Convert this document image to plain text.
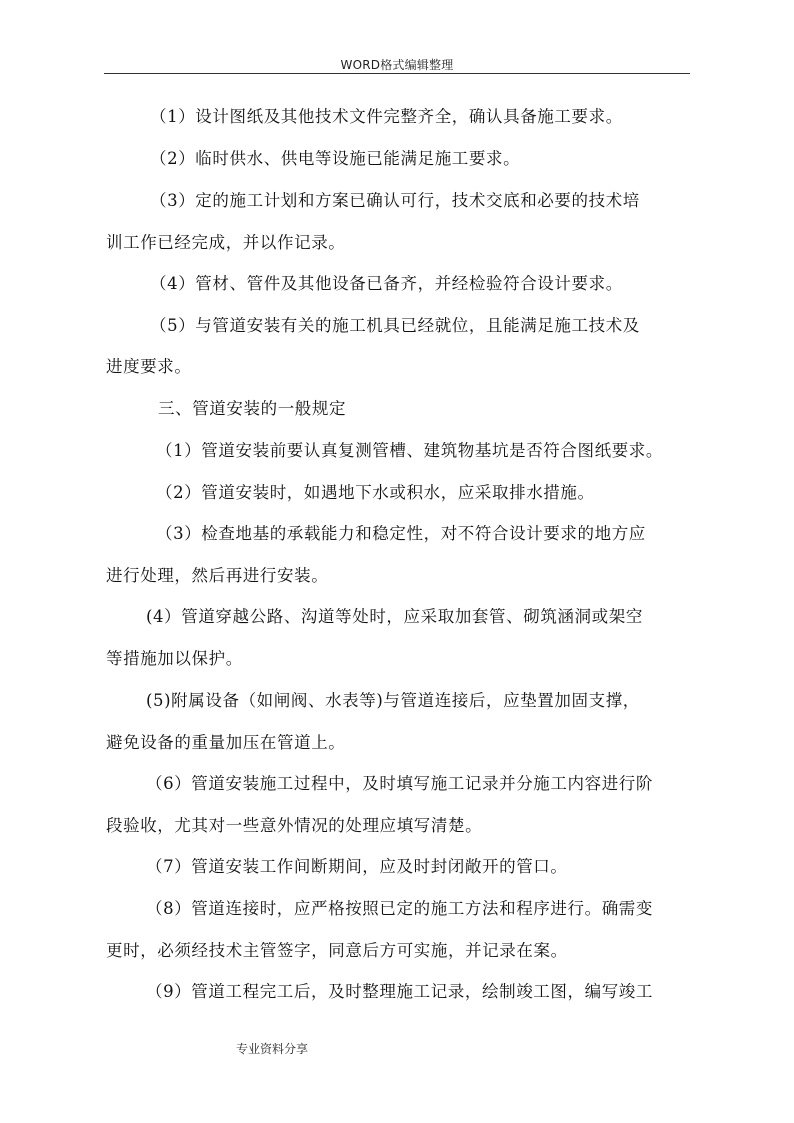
WORD格式编辑整理
（1）设计图纸及其他技术文件完整齐全，确认具备施工要求。
（2）临时供水、供电等设施已能满足施工要求。
（3）定的施工计划和方案已确认可行，技术交底和必要的技术培
训工作已经完成，并以作记录。
（4）管材、管件及其他设备已备齐，并经检验符合设计要求。
（5）与管道安装有关的施工机具已经就位，且能满足施工技术及
进度要求。
三、管道安装的一般规定
（1）管道安装前要认真复测管槽、建筑物基坑是否符合图纸要求。
（2）管道安装时，如遇地下水或积水，应采取排水措施。
（3）检查地基的承载能力和稳定性，对不符合设计要求的地方应
进行处理，然后再进行安装。
(4）管道穿越公路、沟道等处时，应采取加套管、砌筑涵洞或架空
等措施加以保护。
(5)附属设备（如闸阀、水表等)与管道连接后，应垫置加固支撑，
避免设备的重量加压在管道上。
（6）管道安装施工过程中，及时填写施工记录并分施工内容进行阶
段验收，尤其对一些意外情况的处理应填写清楚。
（7）管道安装工作间断期间，应及时封闭敞开的管口。
（8）管道连接时，应严格按照已定的施工方法和程序进行。确需变
更时，必须经技术主管签字，同意后方可实施，并记录在案。
（9）管道工程完工后，及时整理施工记录，绘制竣工图，编写竣工
专业资料分享
